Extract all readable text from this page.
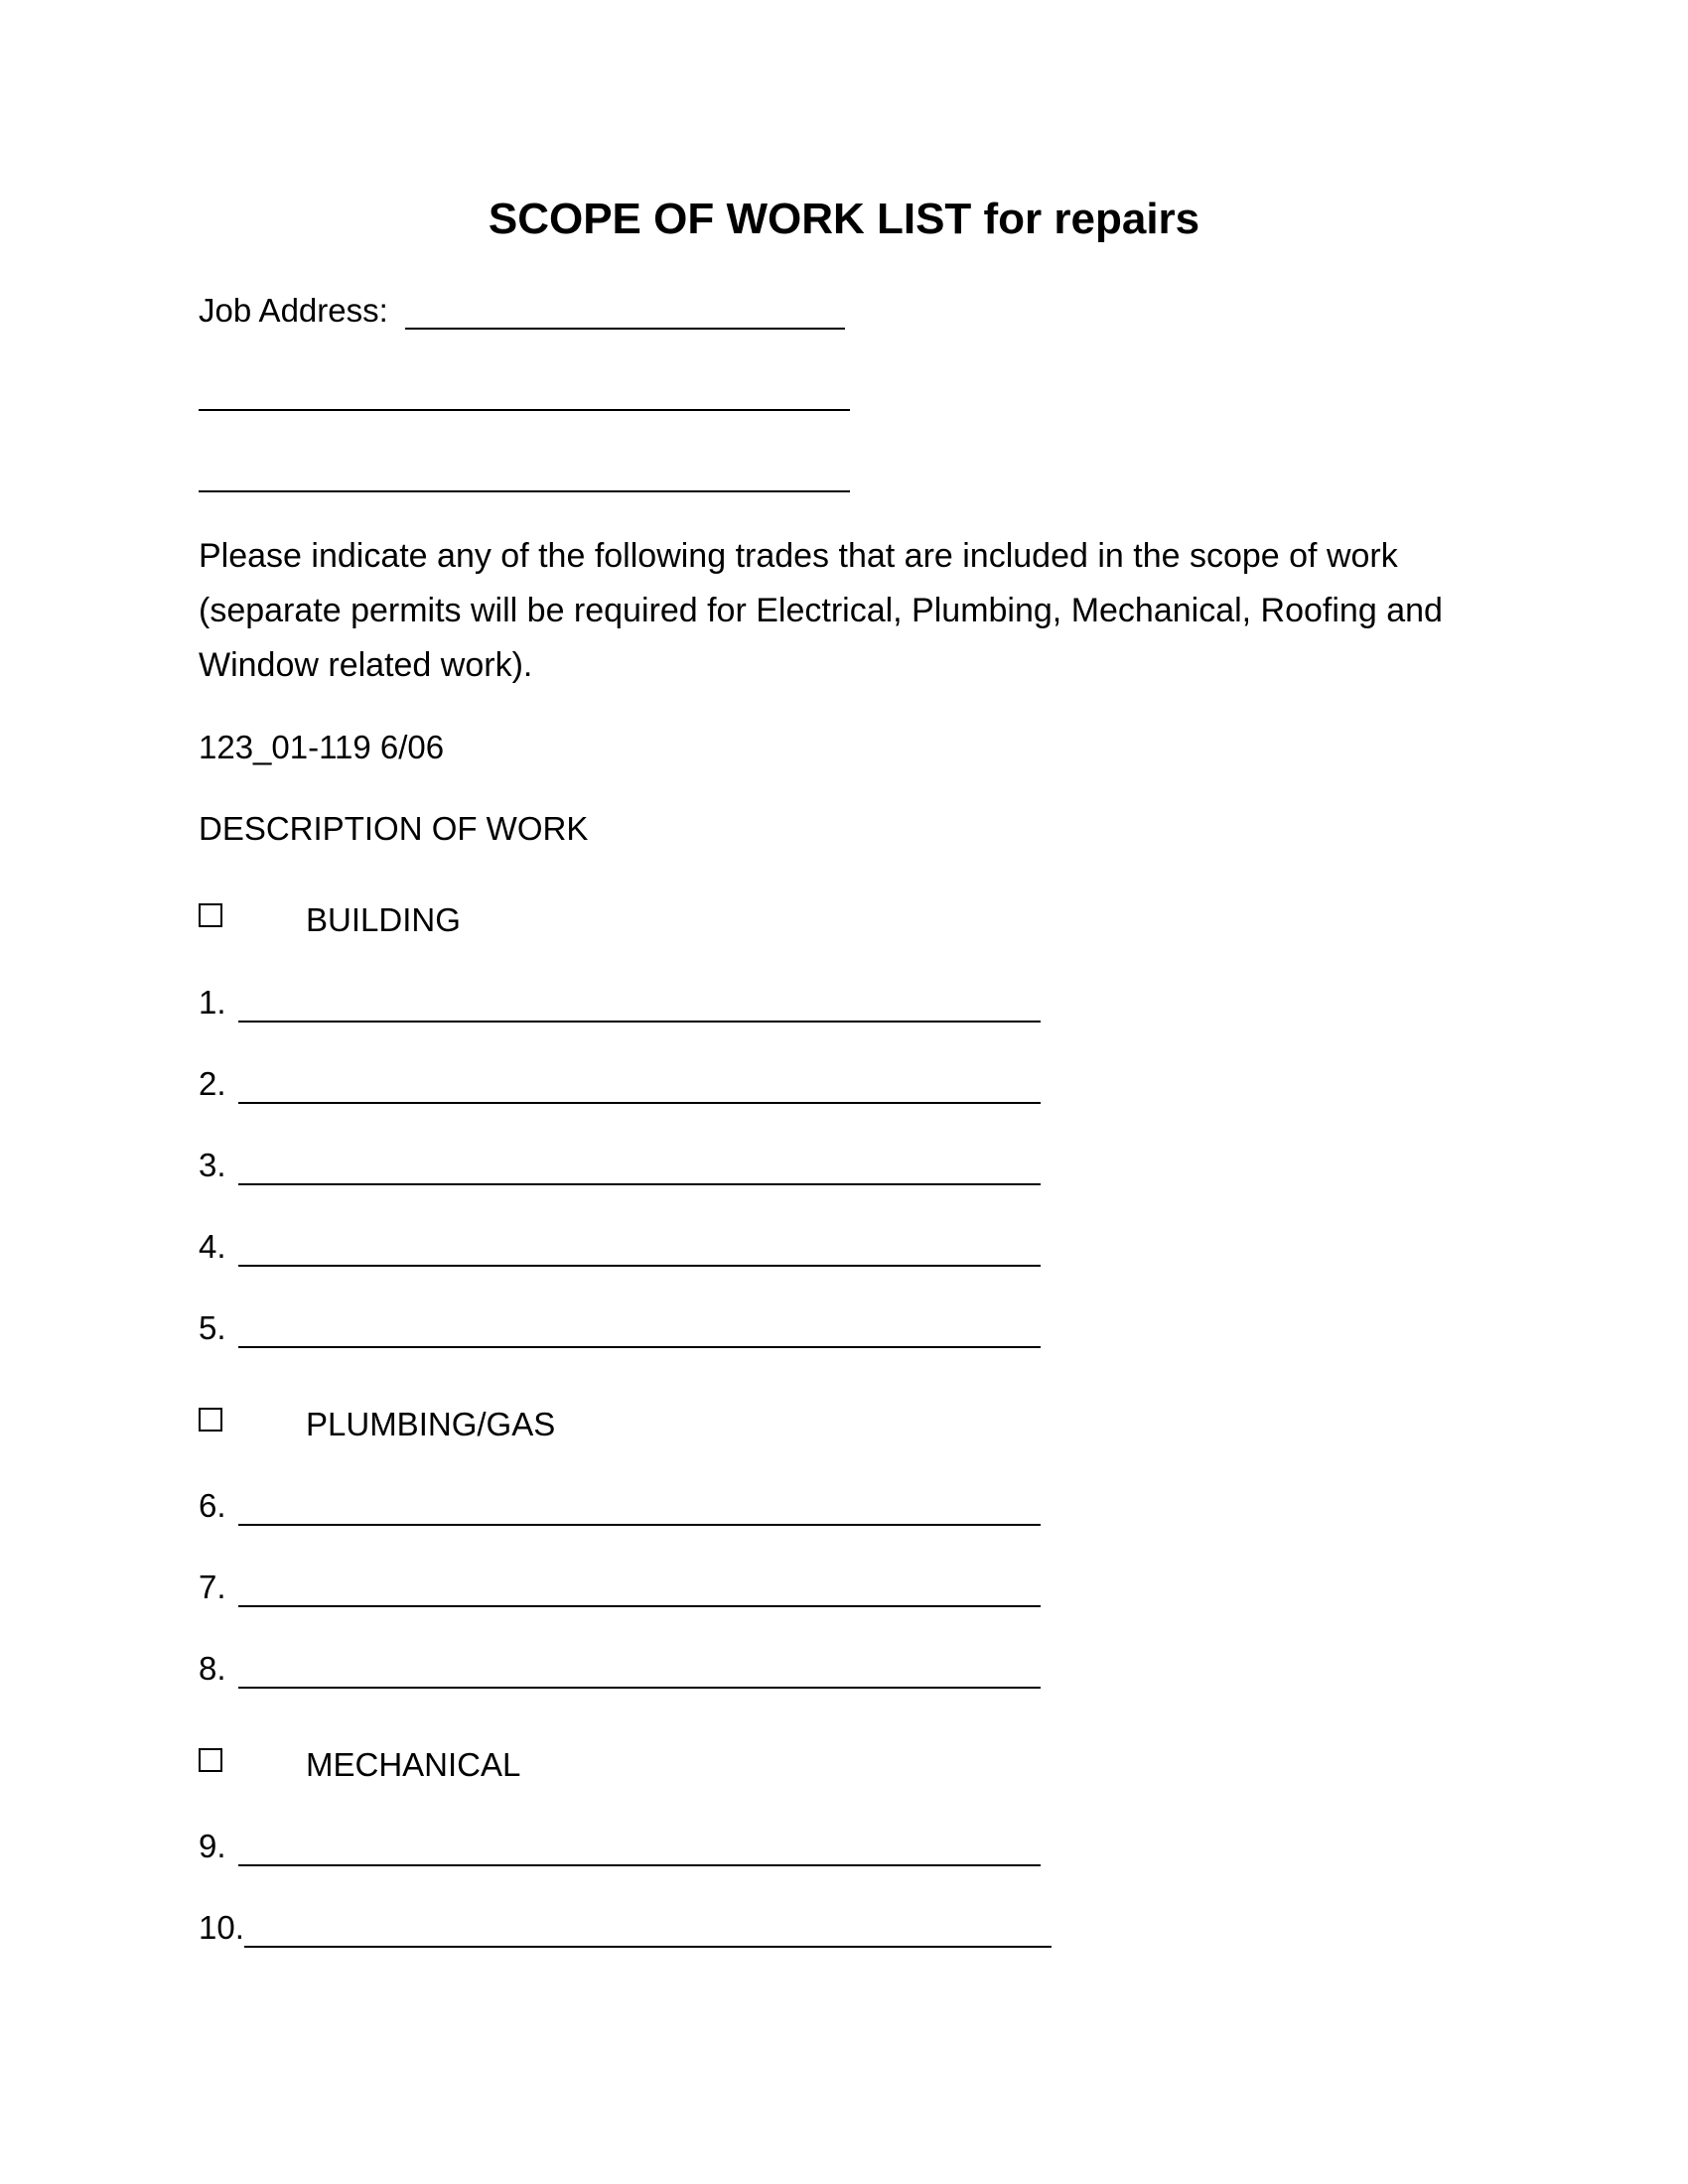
SCOPE OF WORK LIST for repairs
Job Address:
Please indicate any of the following trades that are included in the scope of work (separate permits will be required for Electrical, Plumbing, Mechanical, Roofing and Window related work).
123_01-119 6/06
DESCRIPTION OF WORK
BUILDING
1.
2.
3.
4.
5.
PLUMBING/GAS
6.
7.
8.
MECHANICAL
9.
10.
